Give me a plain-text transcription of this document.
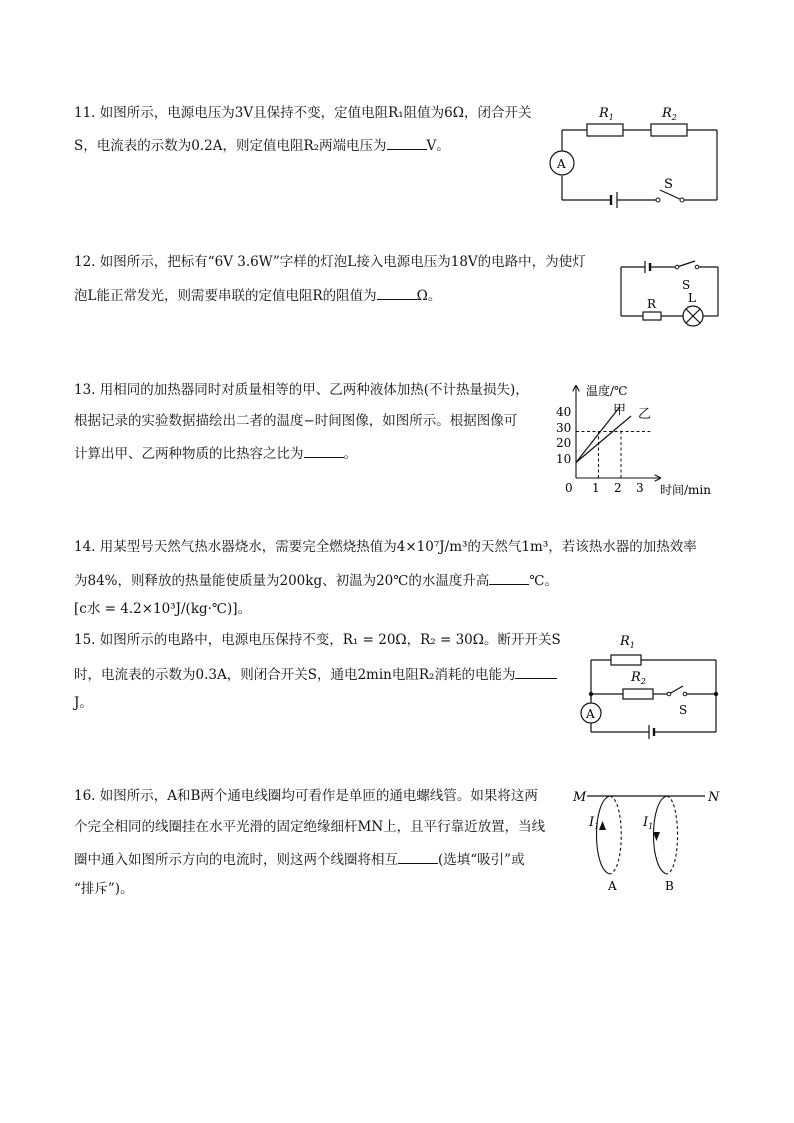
11. 如图所示，电源电压为3V且保持不变，定值电阻R₁阻值为6Ω，闭合开关
S，电流表的示数为0.2A，则定值电阻R₂两端电压为	V。
$R_1$	$R_2$
A
S
12. 如图所示，把标有“6V 3.6W”字样的灯泡L接入电源电压为18V的电路中，为使灯
泡L能正常发光，则需要串联的定值电阻R的阻值为	Ω。
S
R	L
13. 用相同的加热器同时对质量相等的甲、乙两种液体加热(不计热量损失)，
根据记录的实验数据描绘出二者的温度−时间图像，如图所示。根据图像可
计算出甲、乙两种物质的比热容之比为	。
温度/℃
时间/min
0 1 2 3
10
20
30
40	甲 乙
14. 用某型号天然气热水器烧水，需要完全燃烧热值为4×10⁷J/m³的天然气1m³，若该热水器的加热效率
为84%，则释放的热量能使质量为200kg、初温为20℃的水温度升高	℃。
[c水 = 4.2×10³J/(kg·℃)]。
15. 如图所示的电路中，电源电压保持不变，R₁ = 20Ω，R₂ = 30Ω。断开开关S
时，电流表的示数为0.3A，则闭合开关S，通电2min电阻R₂消耗的电能为
J。
$R_1$
$R_2$
A	S
16. 如图所示，A和B两个通电线圈均可看作是单匝的通电螺线管。如果将这两
个完全相同的线圈挂在水平光滑的固定绝缘细杆MN上，且平行靠近放置，当线
圈中通入如图所示方向的电流时，则这两个线圈将相互	(选填“吸引”或
“排斥”)。
M	N
$I_1$	$I_1$
A	B
